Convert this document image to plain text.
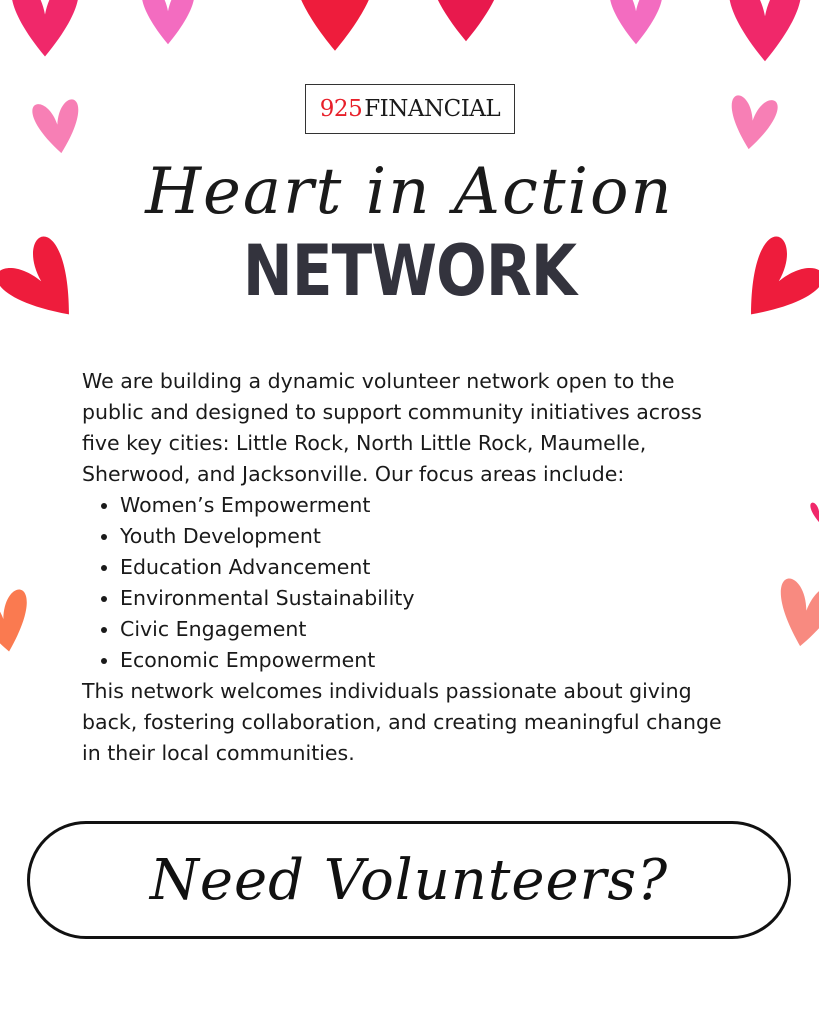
925 FINANCIAL
Heart in Action
NETWORK

We are building a dynamic volunteer network open to the public and designed to support community initiatives across five key cities: Little Rock, North Little Rock, Maumelle, Sherwood, and Jacksonville. Our focus areas include:

• Women’s Empowerment
• Youth Development
• Education Advancement
• Environmental Sustainability
• Civic Engagement
• Economic Empowerment

This network welcomes individuals passionate about giving back, fostering collaboration, and creating meaningful change in their local communities.

Need Volunteers?
